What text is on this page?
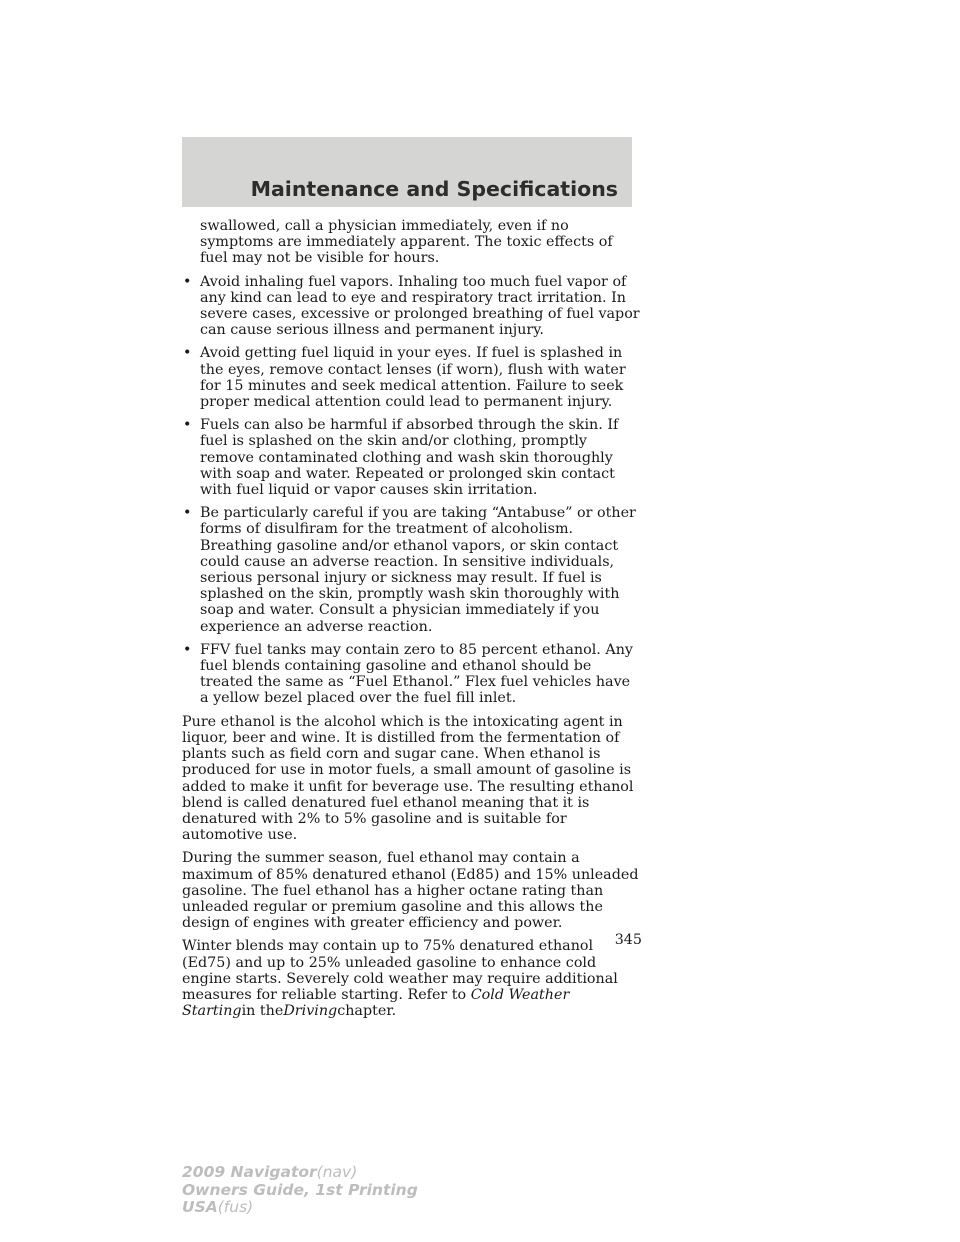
Maintenance and Specifications

swallowed, call a physician immediately, even if no symptoms are immediately apparent. The toxic effects of fuel may not be visible for hours.

• Avoid inhaling fuel vapors. Inhaling too much fuel vapor of any kind can lead to eye and respiratory tract irritation. In severe cases, excessive or prolonged breathing of fuel vapor can cause serious illness and permanent injury.
• Avoid getting fuel liquid in your eyes. If fuel is splashed in the eyes, remove contact lenses (if worn), flush with water for 15 minutes and seek medical attention. Failure to seek proper medical attention could lead to permanent injury.
• Fuels can also be harmful if absorbed through the skin. If fuel is splashed on the skin and/or clothing, promptly remove contaminated clothing and wash skin thoroughly with soap and water. Repeated or prolonged skin contact with fuel liquid or vapor causes skin irritation.
• Be particularly careful if you are taking “Antabuse” or other forms of disulfiram for the treatment of alcoholism. Breathing gasoline and/or ethanol vapors, or skin contact could cause an adverse reaction. In sensitive individuals, serious personal injury or sickness may result. If fuel is splashed on the skin, promptly wash skin thoroughly with soap and water. Consult a physician immediately if you experience an adverse reaction.
• FFV fuel tanks may contain zero to 85 percent ethanol. Any fuel blends containing gasoline and ethanol should be treated the same as “Fuel Ethanol.” Flex fuel vehicles have a yellow bezel placed over the fuel fill inlet.

Pure ethanol is the alcohol which is the intoxicating agent in liquor, beer and wine. It is distilled from the fermentation of plants such as field corn and sugar cane. When ethanol is produced for use in motor fuels, a small amount of gasoline is added to make it unfit for beverage use. The resulting ethanol blend is called denatured fuel ethanol meaning that it is denatured with 2% to 5% gasoline and is suitable for automotive use.

During the summer season, fuel ethanol may contain a maximum of 85% denatured ethanol (Ed85) and 15% unleaded gasoline. The fuel ethanol has a higher octane rating than unleaded regular or premium gasoline and this allows the design of engines with greater efficiency and power.

Winter blends may contain up to 75% denatured ethanol (Ed75) and up to 25% unleaded gasoline to enhance cold engine starts. Severely cold weather may require additional measures for reliable starting. Refer to Cold Weather Startingin theDrivingchapter.

345
2009 Navigator(nav)
Owners Guide, 1st Printing
USA(fus)
